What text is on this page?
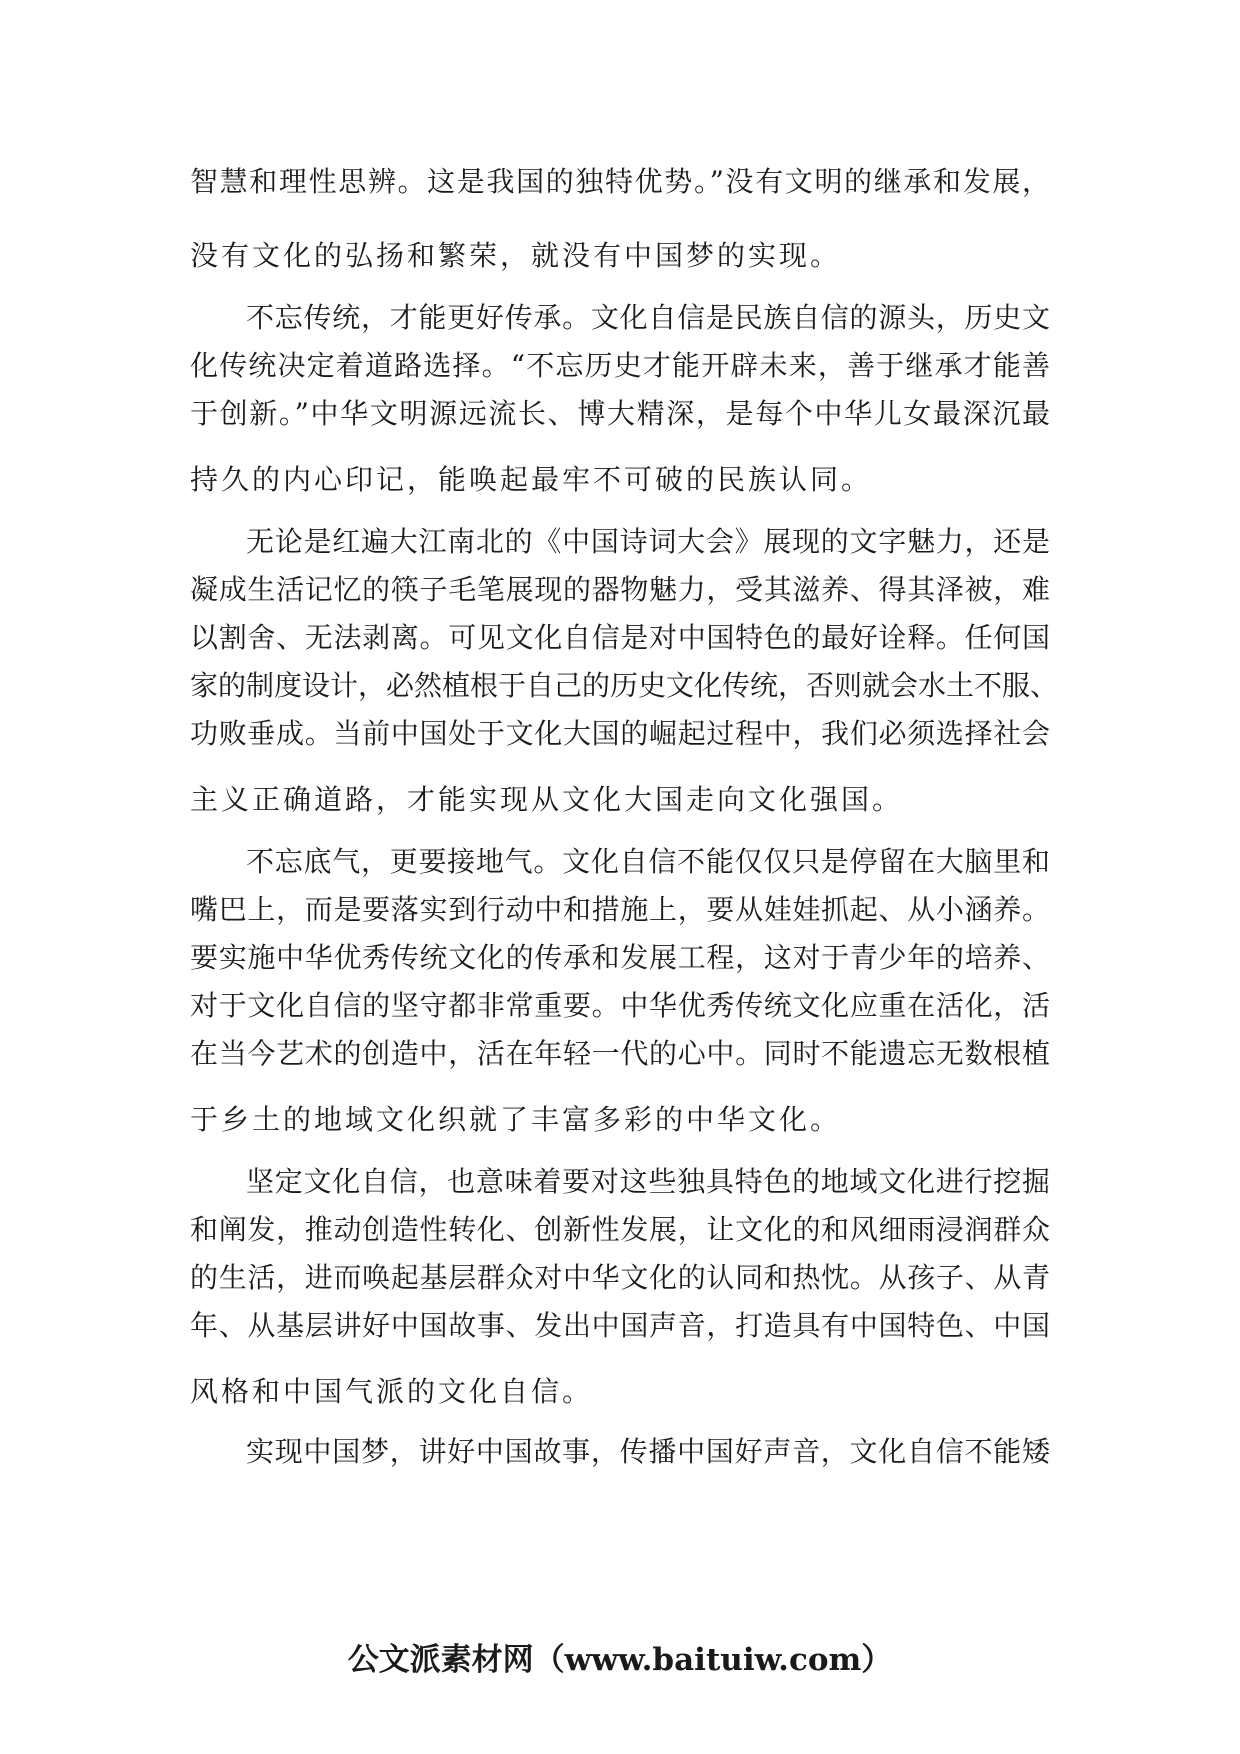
智慧和理性思辨。这是我国的独特优势。”没有文明的继承和发展，
没有文化的弘扬和繁荣，就没有中国梦的实现。
不忘传统，才能更好传承。文化自信是民族自信的源头，历史文
化传统决定着道路选择。“不忘历史才能开辟未来，善于继承才能善
于创新。”中华文明源远流长、博大精深，是每个中华儿女最深沉最
持久的内心印记，能唤起最牢不可破的民族认同。
无论是红遍大江南北的《中国诗词大会》展现的文字魅力，还是
凝成生活记忆的筷子毛笔展现的器物魅力，受其滋养、得其泽被，难
以割舍、无法剥离。可见文化自信是对中国特色的最好诠释。任何国
家的制度设计，必然植根于自己的历史文化传统，否则就会水土不服、
功败垂成。当前中国处于文化大国的崛起过程中，我们必须选择社会
主义正确道路，才能实现从文化大国走向文化强国。
不忘底气，更要接地气。文化自信不能仅仅只是停留在大脑里和
嘴巴上，而是要落实到行动中和措施上，要从娃娃抓起、从小涵养。
要实施中华优秀传统文化的传承和发展工程，这对于青少年的培养、
对于文化自信的坚守都非常重要。中华优秀传统文化应重在活化，活
在当今艺术的创造中，活在年轻一代的心中。同时不能遗忘无数根植
于乡土的地域文化织就了丰富多彩的中华文化。
坚定文化自信，也意味着要对这些独具特色的地域文化进行挖掘
和阐发，推动创造性转化、创新性发展，让文化的和风细雨浸润群众
的生活，进而唤起基层群众对中华文化的认同和热忱。从孩子、从青
年、从基层讲好中国故事、发出中国声音，打造具有中国特色、中国
风格和中国气派的文化自信。
实现中国梦，讲好中国故事，传播中国好声音，文化自信不能矮
公文派素材网（www.baituiw.com）
